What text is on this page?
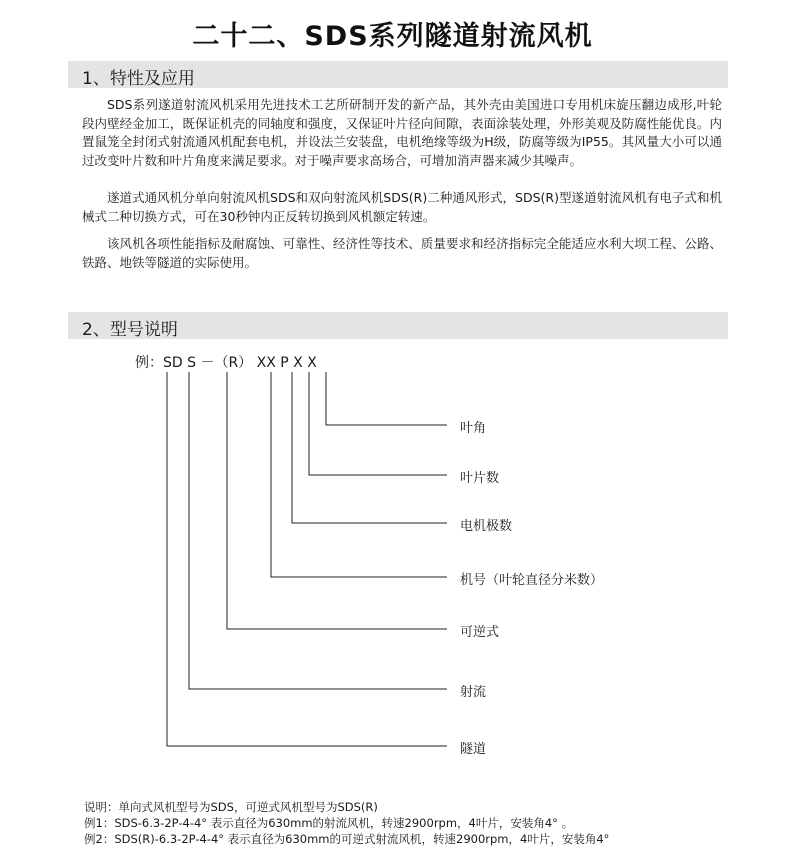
二十二、SDS系列隧道射流风机
1、特性及应用

SDS系列遂道射流风机采用先进技术工艺所研制开发的新产品，其外壳由美国进口专用机床旋压翻边成形,叶轮段内壁经金加工，既保证机壳的同轴度和强度，又保证叶片径向间隙，表面涂装处理，外形美观及防腐性能优良。内置鼠笼全封闭式射流通风机配套电机，并设法兰安装盘，电机绝缘等级为H级，防腐等级为IP55。其风量大小可以通过改变叶片数和叶片角度来满足要求。对于噪声要求高场合，可增加消声器来减少其噪声。

遂道式通风机分单向射流风机SDS和双向射流风机SDS(R)二种通风形式，SDS(R)型遂道射流风机有电子式和机械式二种切换方式，可在30秒钟内正反转切换到风机额定转速。

该风机各项性能指标及耐腐蚀、可靠性、经济性等技术、质量要求和经济指标完全能适应水利大坝工程、公路、铁路、地铁等隧道的实际使用。

2、型号说明
例：SD S －（R） XX P X X
叶角
叶片数
电机极数
机号（叶轮直径分米数）
可逆式
射流
隧道
说明：单向式风机型号为SDS，可逆式风机型号为SDS(R)
例1：SDS-6.3-2P-4-4° 表示直径为630mm的射流风机，转速2900rpm，4叶片，安装角4° 。
例2：SDS(R)-6.3-2P-4-4° 表示直径为630mm的可逆式射流风机，转速2900rpm，4叶片，安装角4°
